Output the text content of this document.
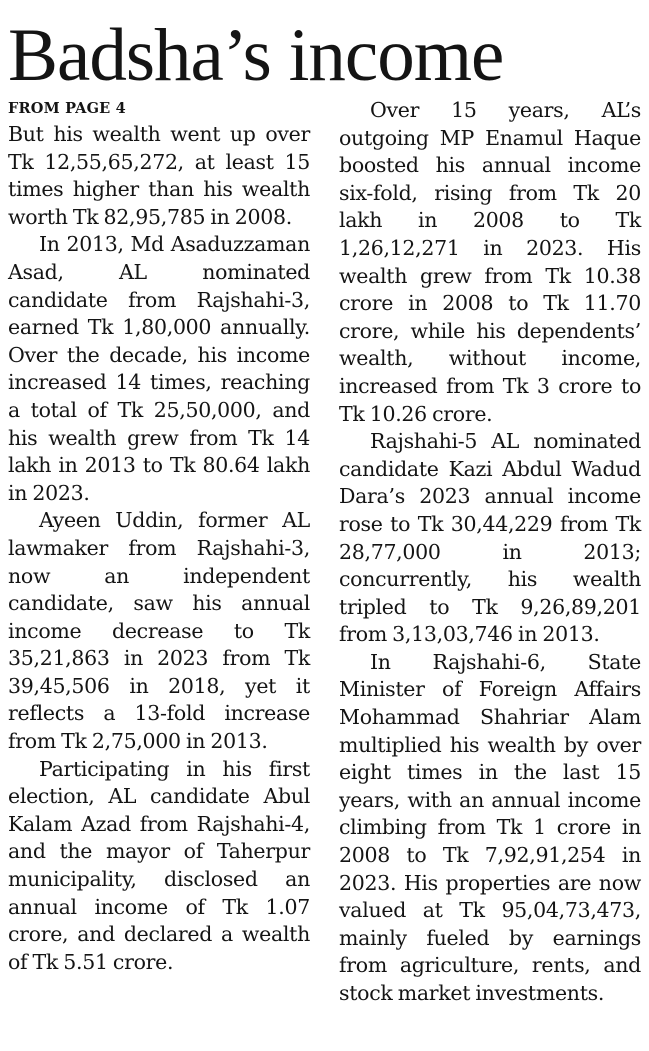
Badsha’s income
FROM PAGE 4

But his wealth went up over Tk 12,55,65,272, at least 15 times higher than his wealth worth Tk 82,95,785 in 2008.

In 2013, Md Asaduzzaman Asad, AL nominated candidate from Rajshahi-3, earned Tk 1,80,000 annually. Over the decade, his income increased 14 times, reaching a total of Tk 25,50,000, and his wealth grew from Tk 14 lakh in 2013 to Tk 80.64 lakh in 2023.

Ayeen Uddin, former AL lawmaker from Rajshahi-3, now an independent candidate, saw his annual income decrease to Tk 35,21,863 in 2023 from Tk 39,45,506 in 2018, yet it reflects a 13-fold increase from Tk 2,75,000 in 2013.

Participating in his first election, AL candidate Abul Kalam Azad from Rajshahi-4, and the mayor of Taherpur municipality, disclosed an annual income of Tk 1.07 crore, and declared a wealth of Tk 5.51 crore.

Over 15 years, AL’s outgoing MP Enamul Haque boosted his annual income six-fold, rising from Tk 20 lakh in 2008 to Tk 1,26,12,271 in 2023. His wealth grew from Tk 10.38 crore in 2008 to Tk 11.70 crore, while his dependents’ wealth, without income, increased from Tk 3 crore to Tk 10.26 crore.

Rajshahi-5 AL nominated candidate Kazi Abdul Wadud Dara’s 2023 annual income rose to Tk 30,44,229 from Tk 28,77,000 in 2013; concurrently, his wealth tripled to Tk 9,26,89,201 from 3,13,03,746 in 2013.

In Rajshahi-6, State Minister of Foreign Affairs Mohammad Shahriar Alam multiplied his wealth by over eight times in the last 15 years, with an annual income climbing from Tk 1 crore in 2008 to Tk 7,92,91,254 in 2023. His properties are now valued at Tk 95,04,73,473, mainly fueled by earnings from agriculture, rents, and stock market investments.
